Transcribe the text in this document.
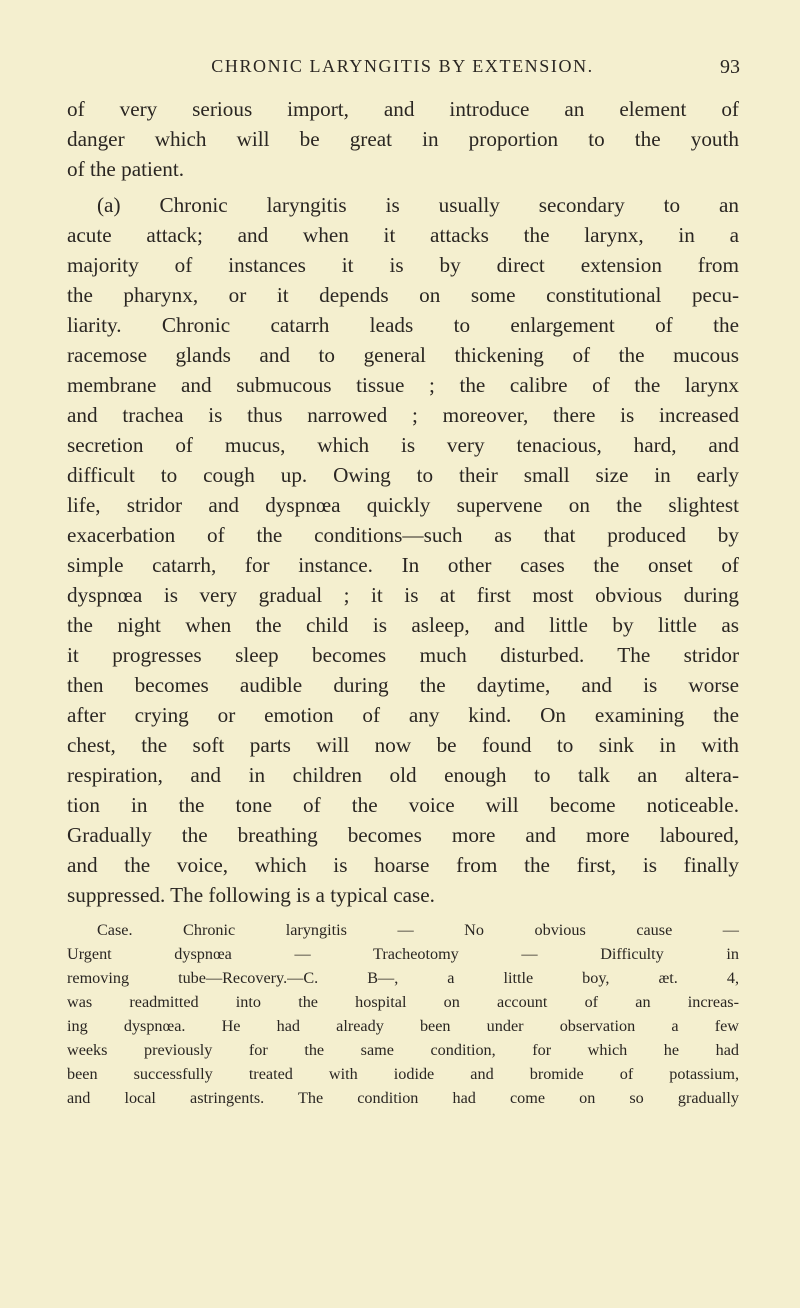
CHRONIC LARYNGITIS BY EXTENSION.	93
of very serious import, and introduce an element of
danger which will be great in proportion to the youth
of the patient.
(a) Chronic laryngitis is usually secondary to an
acute attack; and when it attacks the larynx, in a
majority of instances it is by direct extension from
the pharynx, or it depends on some constitutional pecu-
liarity. Chronic catarrh leads to enlargement of the
racemose glands and to general thickening of the mucous
membrane and submucous tissue ; the calibre of the larynx
and trachea is thus narrowed ; moreover, there is increased
secretion of mucus, which is very tenacious, hard, and
difficult to cough up. Owing to their small size in early
life, stridor and dyspnœa quickly supervene on the slightest
exacerbation of the conditions—such as that produced by
simple catarrh, for instance. In other cases the onset of
dyspnœa is very gradual ; it is at first most obvious during
the night when the child is asleep, and little by little as
it progresses sleep becomes much disturbed. The stridor
then becomes audible during the daytime, and is worse
after crying or emotion of any kind. On examining the
chest, the soft parts will now be found to sink in with
respiration, and in children old enough to talk an altera-
tion in the tone of the voice will become noticeable.
Gradually the breathing becomes more and more laboured,
and the voice, which is hoarse from the first, is finally
suppressed. The following is a typical case.
Case. Chronic laryngitis — No obvious cause —
Urgent dyspnœa — Tracheotomy — Difficulty in
removing tube—Recovery.—C. B—, a little boy, æt. 4,
was readmitted into the hospital on account of an increas-
ing dyspnœa. He had already been under observation a few
weeks previously for the same condition, for which he had
been successfully treated with iodide and bromide of potassium,
and local astringents. The condition had come on so gradually
